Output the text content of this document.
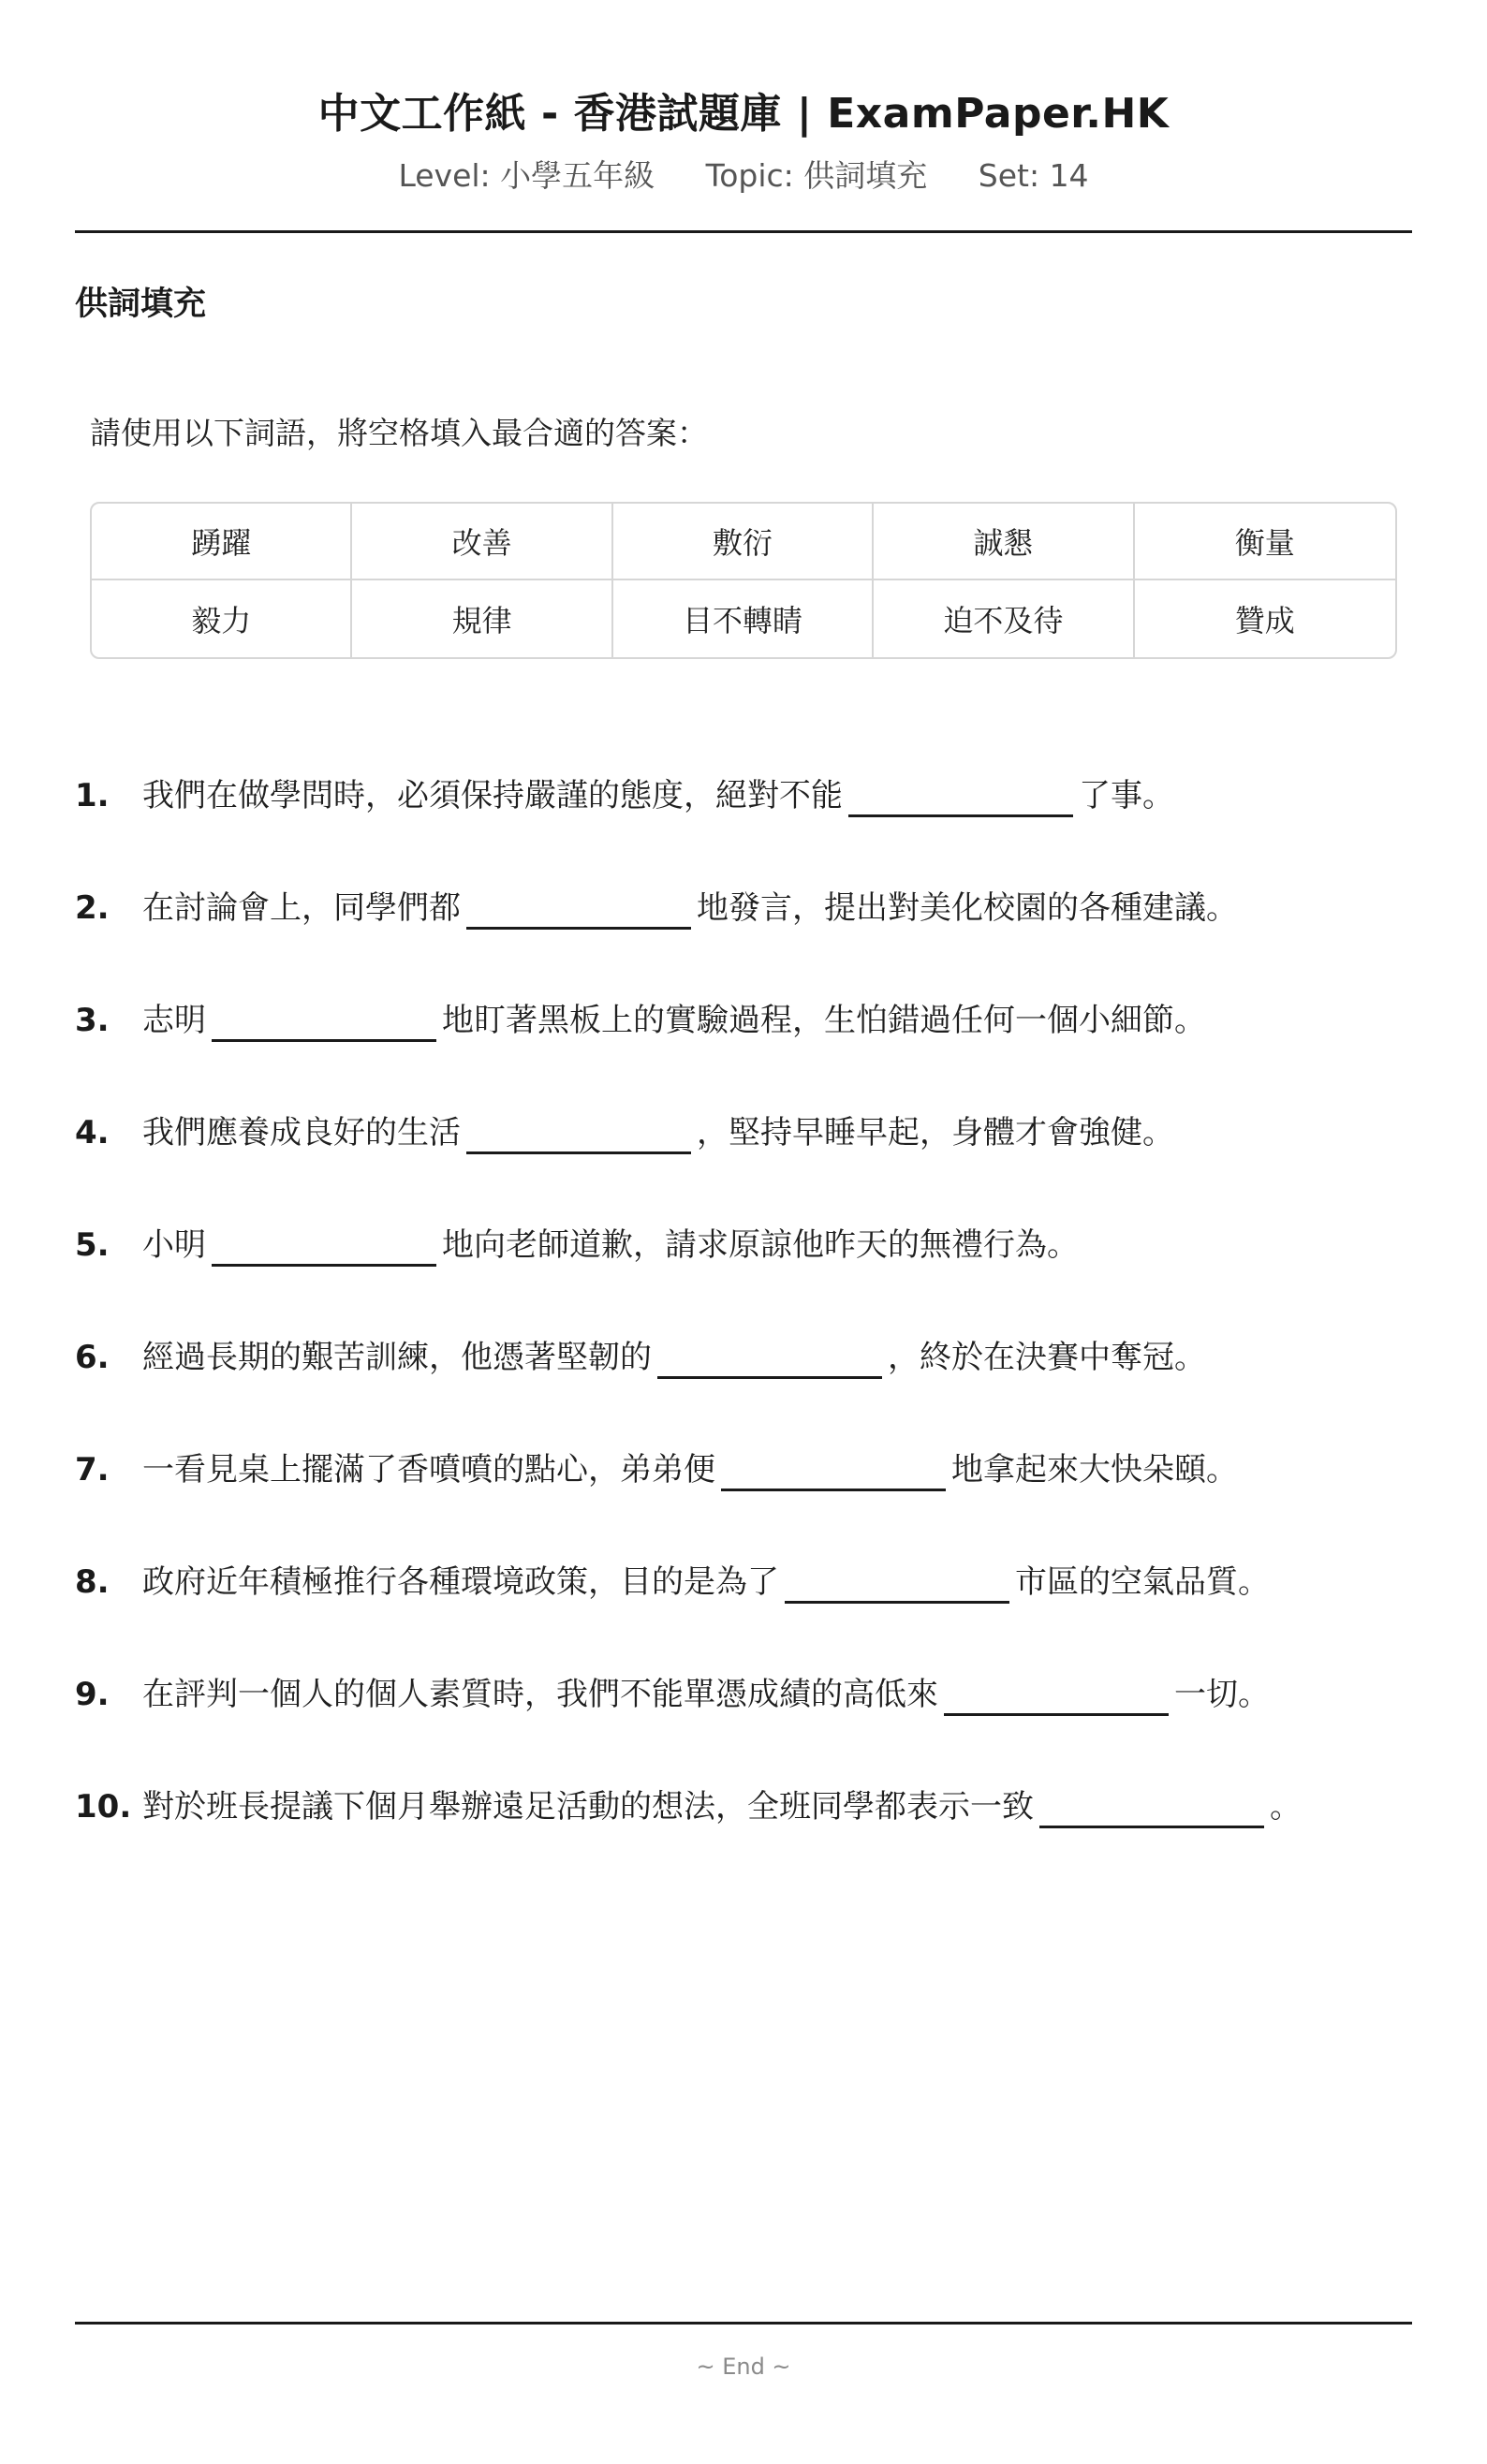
中文工作紙 - 香港試題庫 | ExamPaper.HK
Level: 小學五年級 Topic: 供詞填充 Set: 14
供詞填充
請使用以下詞語，將空格填入最合適的答案：
踴躍	改善	敷衍	誠懇	衡量
毅力	規律	目不轉睛	迫不及待	贊成
1.	我們在做學問時，必須保持嚴謹的態度，絕對不能	了事。
2.	在討論會上，同學們都	地發言，提出對美化校園的各種建議。
3.	志明	地盯著黑板上的實驗過程，生怕錯過任何一個小細節。
4.	我們應養成良好的生活	，堅持早睡早起，身體才會強健。
5.	小明	地向老師道歉，請求原諒他昨天的無禮行為。
6.	經過長期的艱苦訓練，他憑著堅韌的	，終於在決賽中奪冠。
7.	一看見桌上擺滿了香噴噴的點心，弟弟便	地拿起來大快朵頤。
8.	政府近年積極推行各種環境政策，目的是為了	市區的空氣品質。
9.	在評判一個人的個人素質時，我們不能單憑成績的高低來	一切。
10. 對於班長提議下個月舉辦遠足活動的想法，全班同學都表示一致	。
~ End ~
